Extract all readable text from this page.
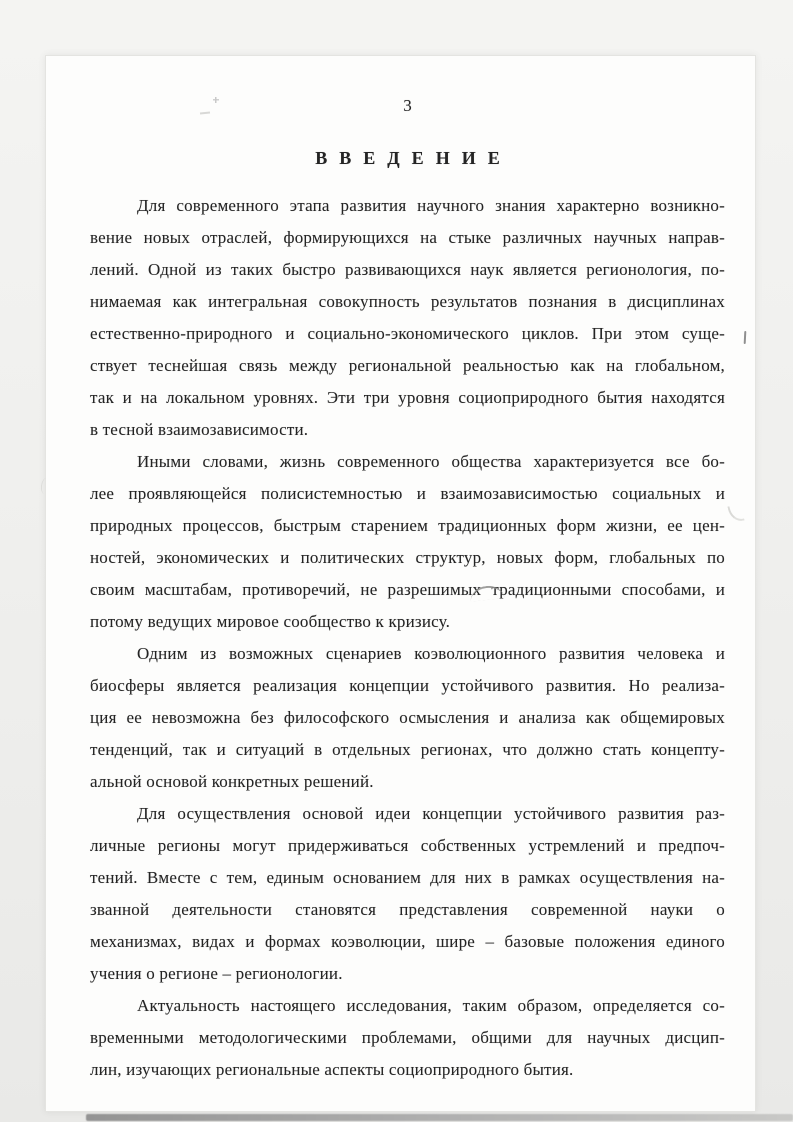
3
ВВЕДЕНИЕ
Для современного этапа развития научного знания характерно возникно-
вение новых отраслей, формирующихся на стыке различных научных направ-
лений. Одной из таких быстро развивающихся наук является регионология, по-
нимаемая как интегральная совокупность результатов познания в дисциплинах
естественно-природного и социально-экономического циклов. При этом суще-
ствует теснейшая связь между региональной реальностью как на глобальном,
так и на локальном уровнях. Эти три уровня социоприродного бытия находятся
в тесной взаимозависимости.
Иными словами, жизнь современного общества характеризуется все бо-
лее проявляющейся полисистемностью и взаимозависимостью социальных и
природных процессов, быстрым старением традиционных форм жизни, ее цен-
ностей, экономических и политических структур, новых форм, глобальных по
своим масштабам, противоречий, не разрешимых традиционными способами, и
потому ведущих мировое сообщество к кризису.
Одним из возможных сценариев коэволюционного развития человека и
биосферы является реализация концепции устойчивого развития. Но реализа-
ция ее невозможна без философского осмысления и анализа как общемировых
тенденций, так и ситуаций в отдельных регионах, что должно стать концепту-
альной основой конкретных решений.
Для осуществления основой идеи концепции устойчивого развития раз-
личные регионы могут придерживаться собственных устремлений и предпоч-
тений. Вместе с тем, единым основанием для них в рамках осуществления на-
званной деятельности становятся представления современной науки о
механизмах, видах и формах коэволюции, шире – базовые положения единого
учения о регионе – регионологии.
Актуальность настоящего исследования, таким образом, определяется со-
временными методологическими проблемами, общими для научных дисцип-
лин, изучающих региональные аспекты социоприродного бытия.
